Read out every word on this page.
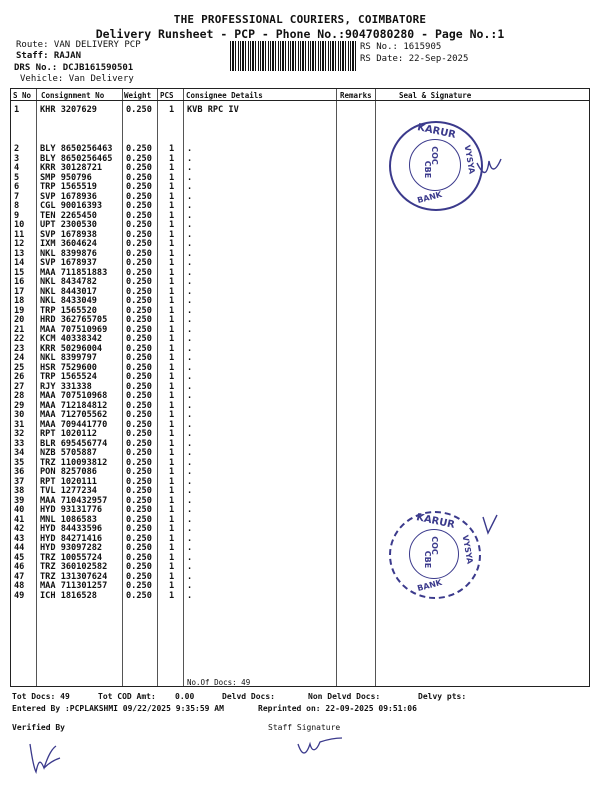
THE PROFESSIONAL COURIERS, COIMBATORE
Delivery Runsheet - PCP - Phone No.:9047080280 - Page No.:1
Route: VAN DELIVERY PCP
Staff: RAJAN
DRS No.: DCJB161590501
Vehicle: Van Delivery
RS No.: 1615905
RS Date: 22-Sep-2025
S No Consignment No	Weight PCS Consignee Details	Remarks	Seal & Signature
1 KHR 3207629	0.250 1 KVB RPC IV
2 BLY 8650256463 0.250 1 .
3 BLY 8650256465 0.250 1 .
4 KRR 30128721	0.250 1 .
5 SMP 950796	0.250 1 .
6 TRP 1565519	0.250 1 .
7 SVP 1678936	0.250 1 .
8 CGL 90016393	0.250 1 .
9 TEN 2265450	0.250 1 .
10 UPT 2300530	0.250 1 .
11 SVP 1678938	0.250 1 .
12 IXM 3604624	0.250 1 .
13 NKL 8399876	0.250 1 .
14 SVP 1678937	0.250 1 .
15 MAA 711851883 0.250 1 .
16 NKL 8434782	0.250 1 .
17 NKL 8443017	0.250 1 .
18 NKL 8433049	0.250 1 .
19 TRP 1565520	0.250 1 .
20 HRD 362765705 0.250 1 .
21 MAA 707510969 0.250 1 .
22 KCM 40338342	0.250 1 .
23 KRR 50296004	0.250 1 .
24 NKL 8399797	0.250 1 .
25 HSR 7529600	0.250 1 .
26 TRP 1565524	0.250 1 .
27 RJY 331338	0.250 1 .
28 MAA 707510968 0.250 1 .
29 MAA 712184812 0.250 1 .
30 MAA 712705562 0.250 1 .
31 MAA 709441770 0.250 1 .
32 RPT 1020112	0.250 1 .
33 BLR 695456774 0.250 1 .
34 NZB 5705887	0.250 1 .
35 TRZ 110093812 0.250 1 .
36 PON 8257086	0.250 1 .
37 RPT 1020111	0.250 1 .
38 TVL 1277234	0.250 1 .
39 MAA 710432957 0.250 1 .
40 HYD 93131776	0.250 1 .
41 MNL 1086583	0.250 1 .
42 HYD 84433596	0.250 1 .
43 HYD 84271416	0.250 1 .
44 HYD 93097282	0.250 1 .
45 TRZ 10055724	0.250 1 .
46 TRZ 360102582 0.250 1 .
47 TRZ 131307624 0.250 1 .
48 MAA 711301257 0.250 1 .
49 ICH 1816528	0.250 1 .
No.Of Docs: 49
KARUR
VYSYA
BANK
COC
CBE
KARUR
VYSYA
BANK
COC
CBE
Tot Docs: 49	Tot COD Amt: 0.00	Delvd Docs:	Non Delvd Docs:	Delvy pts:
Entered By :PCPLAKSHMI 09/22/2025 9:35:59 AM	Reprinted on: 22-09-2025 09:51:06
Verified By	Staff Signature
